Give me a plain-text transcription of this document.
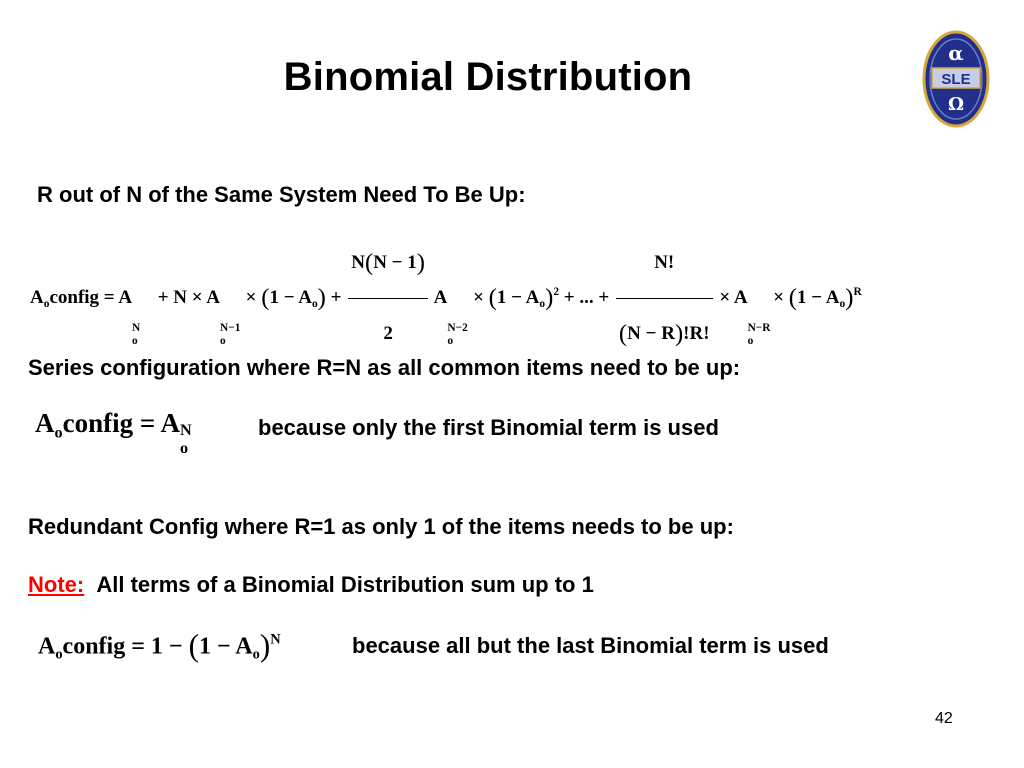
Binomial Distribution
α
SLE
Ω
R out of N of the Same System Need To Be Up:
$A_oconfig = A$
N
o
+ N × A
N−1
o
× $(1 - A_o) + \frac{N(N - 1)}{2}$ A
N−2
o
× $(1 - A_o)^2$ + ... + $\frac{N!}{(N - R)!R!} \times A$
N−R
o
× $(1 - A_o)^R$
Series configuration where R=N as all common items need to be up:
$A_oconfig = A$ N
o
because only the first Binomial term is used
Redundant Config where R=1 as only 1 of the items needs to be up:
Note: All terms of a Binomial Distribution sum up to 1
$A_oconfig = 1 - (1 - A_o)^N$	because all but the last Binomial term is used
42
